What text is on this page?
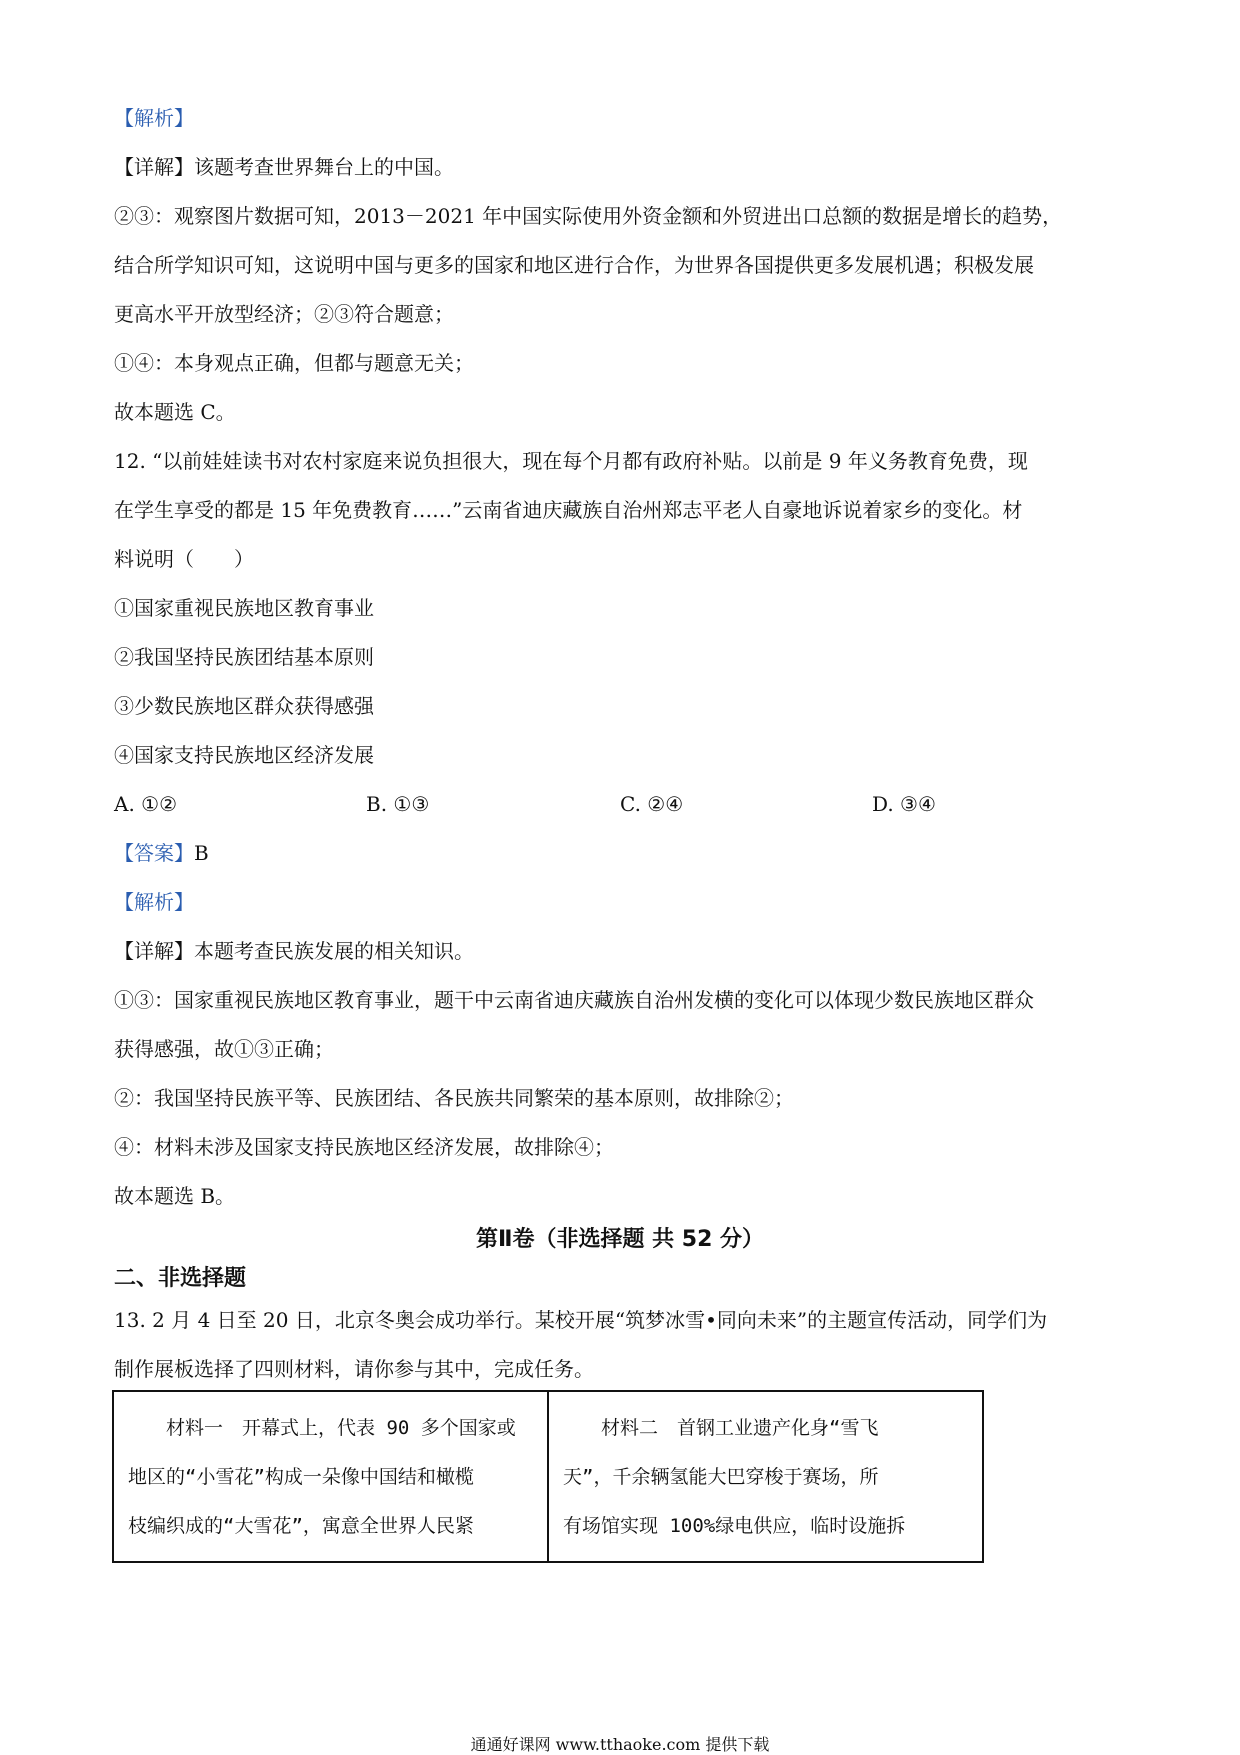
【解析】
【详解】该题考查世界舞台上的中国。
②③：观察图片数据可知，2013－2021 年中国实际使用外资金额和外贸进出口总额的数据是增长的趋势，
结合所学知识可知，这说明中国与更多的国家和地区进行合作，为世界各国提供更多发展机遇；积极发展
更高水平开放型经济；②③符合题意；
①④：本身观点正确，但都与题意无关；
故本题选 C。
12. “以前娃娃读书对农村家庭来说负担很大，现在每个月都有政府补贴。以前是 9 年义务教育免费，现
在学生享受的都是 15 年免费教育……”云南省迪庆藏族自治州郑志平老人自豪地诉说着家乡的变化。材
料说明（　　）
①国家重视民族地区教育事业
②我国坚持民族团结基本原则
③少数民族地区群众获得感强
④国家支持民族地区经济发展
A. ①②	B. ①③	C. ②④	D. ③④
【答案】B
【解析】
【详解】本题考查民族发展的相关知识。
①③：国家重视民族地区教育事业，题干中云南省迪庆藏族自治州发横的变化可以体现少数民族地区群众
获得感强，故①③正确；
②：我国坚持民族平等、民族团结、各民族共同繁荣的基本原则，故排除②；
④：材料未涉及国家支持民族地区经济发展，故排除④；
故本题选 B。
第Ⅱ卷（非选择题 共 52 分）
二、非选择题
13. 2 月 4 日至 20 日，北京冬奥会成功举行。某校开展“筑梦冰雪•同向未来”的主题宣传活动，同学们为
制作展板选择了四则材料，请你参与其中，完成任务。
　　材料一　开幕式上，代表 90 多个国家或
地区的“小雪花”构成一朵像中国结和橄榄
枝编织成的“大雪花”，寓意全世界人民紧

　　材料二　首钢工业遗产化身“雪飞
天”，千余辆氢能大巴穿梭于赛场，所
有场馆实现 100%绿电供应，临时设施拆
通通好课网 www.tthaoke.com 提供下载
